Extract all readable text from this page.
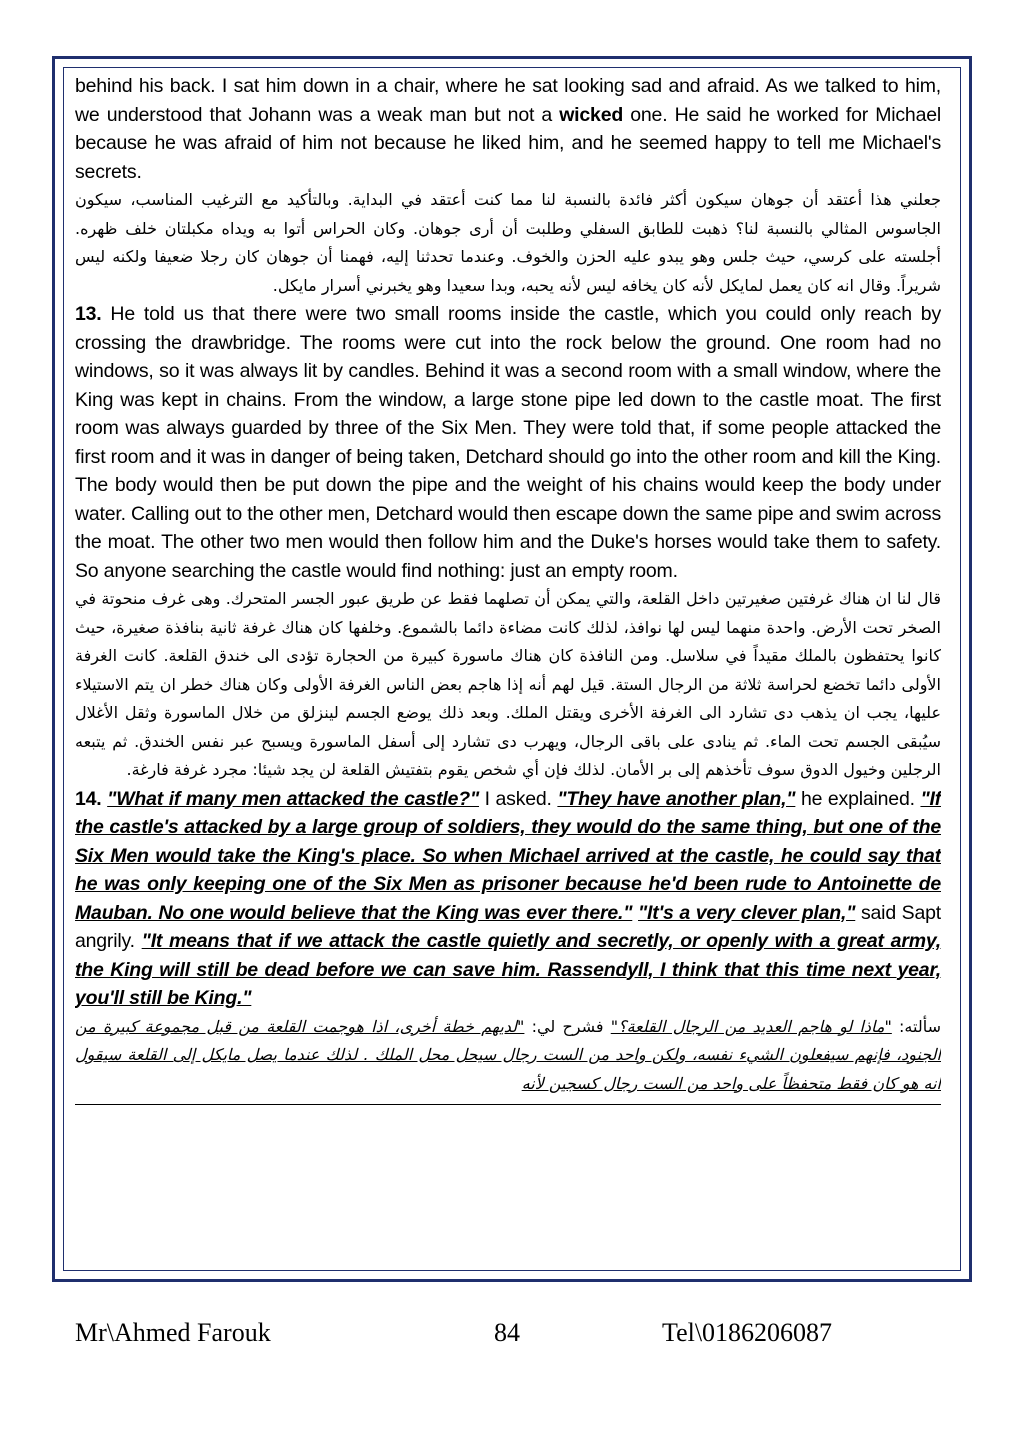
behind his back. I sat him down in a chair, where he sat looking sad and afraid. As we talked to him, we understood that Johann was a weak man but not a wicked one. He said he worked for Michael because he was afraid of him not because he liked him, and he seemed happy to tell me Michael's secrets.

جعلني هذا أعتقد أن جوهان سيكون أكثر فائدة بالنسبة لنا مما كنت أعتقد في البداية. وبالتأكيد مع الترغيب المناسب، سيكون الجاسوس المثالي بالنسبة لنا؟ ذهبت للطابق السفلي وطلبت أن أرى جوهان. وكان الحراس أتوا به ويداه مكبلتان خلف ظهره. أجلسته على كرسي، حيث جلس وهو يبدو عليه الحزن والخوف. وعندما تحدثنا إليه، فهمنا أن جوهان كان رجلا ضعيفا ولكنه ليس شريراً. وقال انه كان يعمل لمايكل لأنه كان يخافه ليس لأنه يحبه، وبدا سعيدا وهو يخبرني أسرار مايكل.

13. He told us that there were two small rooms inside the castle, which you could only reach by crossing the drawbridge. The rooms were cut into the rock below the ground. One room had no windows, so it was always lit by candles. Behind it was a second room with a small window, where the King was kept in chains. From the window, a large stone pipe led down to the castle moat. The first room was always guarded by three of the Six Men. They were told that, if some people attacked the first room and it was in danger of being taken, Detchard should go into the other room and kill the King. The body would then be put down the pipe and the weight of his chains would keep the body under water. Calling out to the other men, Detchard would then escape down the same pipe and swim across the moat. The other two men would then follow him and the Duke's horses would take them to safety. So anyone searching the castle would find nothing: just an empty room.

قال لنا ان هناك غرفتين صغيرتين داخل القلعة، والتي يمكن أن تصلهما فقط عن طريق عبور الجسر المتحرك. وهى غرف منحوتة في الصخر تحت الأرض. واحدة منهما ليس لها نوافذ، لذلك كانت مضاءة دائما بالشموع. وخلفها كان هناك غرفة ثانية بنافذة صغيرة، حيث كانوا يحتفظون بالملك مقيداً في سلاسل. ومن النافذة كان هناك ماسورة كبيرة من الحجارة تؤدى الى خندق القلعة. كانت الغرفة الأولى دائما تخضع لحراسة ثلاثة من الرجال الستة. قيل لهم أنه إذا هاجم بعض الناس الغرفة الأولى وكان هناك خطر ان يتم الاستيلاء عليها، يجب ان يذهب دى تشارد الى الغرفة الأخرى ويقتل الملك. وبعد ذلك يوضع الجسم لينزلق من خلال الماسورة وثقل الأغلال سيُبقى الجسم تحت الماء. ثم ينادى على باقى الرجال، ويهرب دى تشارد إلى أسفل الماسورة ويسبح عبر نفس الخندق. ثم يتبعه الرجلين وخيول الدوق سوف تأخذهم إلى بر الأمان. لذلك فإن أي شخص يقوم بتفتيش القلعة لن يجد شيئا: مجرد غرفة فارغة.

14. "What if many men attacked the castle?" I asked. "They have another plan," he explained. "If the castle's attacked by a large group of soldiers, they would do the same thing, but one of the Six Men would take the King's place. So when Michael arrived at the castle, he could say that he was only keeping one of the Six Men as prisoner because he'd been rude to Antoinette de Mauban. No one would believe that the King was ever there." "It's a very clever plan," said Sapt angrily. "It means that if we attack the castle quietly and secretly, or openly with a great army, the King will still be dead before we can save him. Rassendyll, I think that this time next year, you'll still be King."

سألته: "ماذا لو هاجم العديد من الرجال القلعة؟" فشرح لي: "لديهم خطة أخرى، اذا هوجمت القلعة من قبل مجموعة كبيرة من الجنود، فإنهم سيفعلون الشيء نفسه، ولكن واحد من الست رجال سيحل محل الملك . لذلك عندما يصل مايكل إلى القلعة سيقول انه هو كان فقط متحفظاً على واحد من الست رجال كسجين لأنه

Mr\Ahmed Farouk	84	Tel\0186206087
